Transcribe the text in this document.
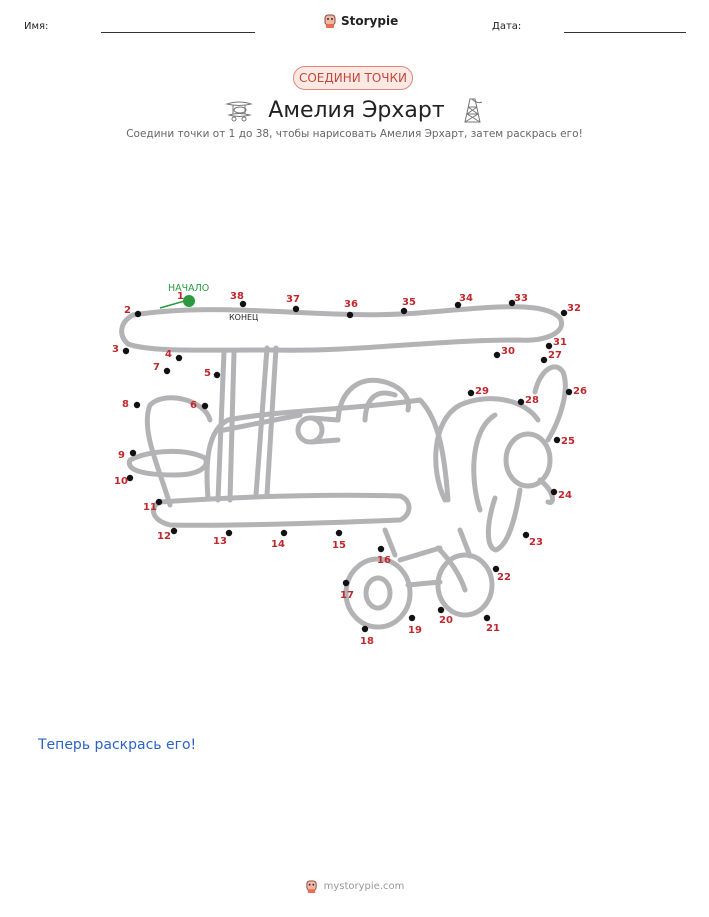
Имя:	Storypie	Дата:
СОЕДИНИ ТОЧКИ
Амелия Эрхарт
Соедини точки от 1 до 38, чтобы нарисовать Амелия Эрхарт, затем раскрась его!
НАЧАЛО
КОНЕЦ
1
2
3	4
5
6
7
8
9
10
11
12	13	14	15
16
17
18
19
20
21
22
23
24
25
26
27
28
29
30
31
32
33
34
35
36
37
38
Теперь раскрась его!
mystorypie.com
